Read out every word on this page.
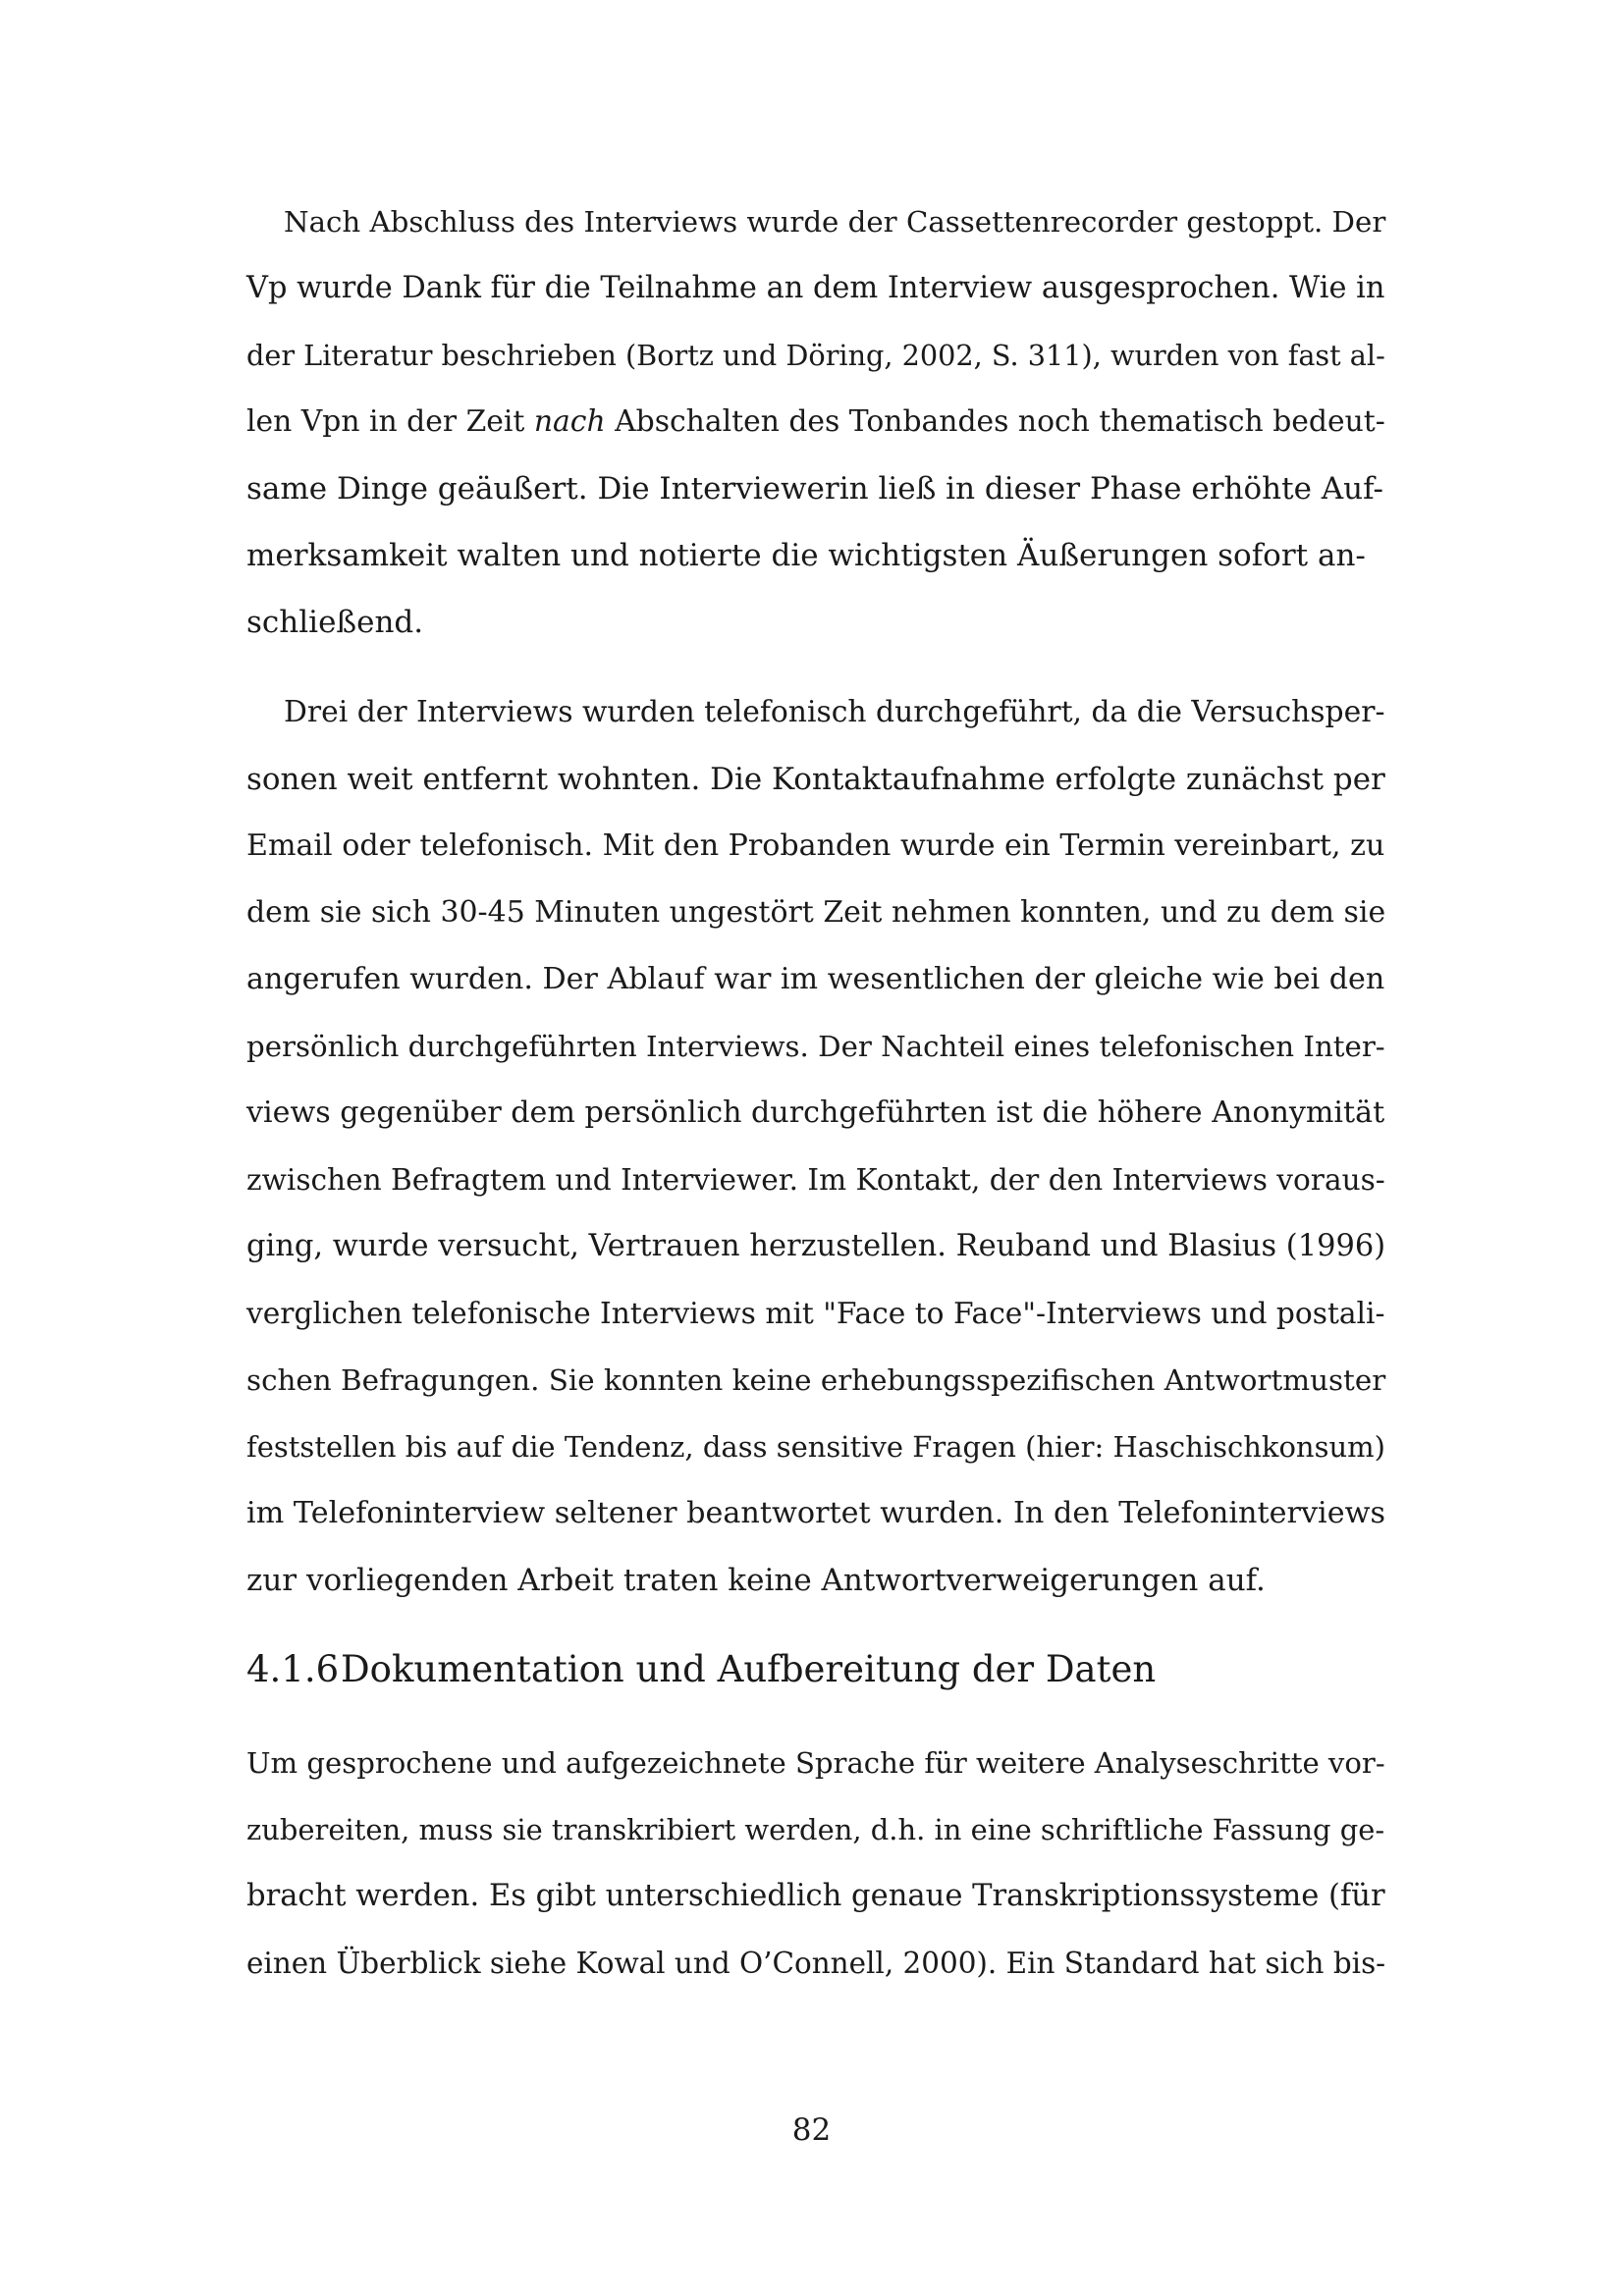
Nach Abschluss des Interviews wurde der Cassettenrecorder gestoppt. Der
Vp wurde Dank für die Teilnahme an dem Interview ausgesprochen. Wie in
der Literatur beschrieben (Bortz und Döring, 2002, S. 311), wurden von fast al-
len Vpn in der Zeit nach Abschalten des Tonbandes noch thematisch bedeut-
same Dinge geäußert. Die Interviewerin ließ in dieser Phase erhöhte Auf-
merksamkeit walten und notierte die wichtigsten Äußerungen sofort an-
schließend.
Drei der Interviews wurden telefonisch durchgeführt, da die Versuchsper-
sonen weit entfernt wohnten. Die Kontaktaufnahme erfolgte zunächst per
Email oder telefonisch. Mit den Probanden wurde ein Termin vereinbart, zu
dem sie sich 30-45 Minuten ungestört Zeit nehmen konnten, und zu dem sie
angerufen wurden. Der Ablauf war im wesentlichen der gleiche wie bei den
persönlich durchgeführten Interviews. Der Nachteil eines telefonischen Inter-
views gegenüber dem persönlich durchgeführten ist die höhere Anonymität
zwischen Befragtem und Interviewer. Im Kontakt, der den Interviews voraus-
ging, wurde versucht, Vertrauen herzustellen. Reuband und Blasius (1996)
verglichen telefonische Interviews mit "Face to Face"-Interviews und postali-
schen Befragungen. Sie konnten keine erhebungsspezifischen Antwortmuster
feststellen bis auf die Tendenz, dass sensitive Fragen (hier: Haschischkonsum)
im Telefoninterview seltener beantwortet wurden. In den Telefoninterviews
zur vorliegenden Arbeit traten keine Antwortverweigerungen auf.
4.1.6Dokumentation und Aufbereitung der Daten
Um gesprochene und aufgezeichnete Sprache für weitere Analyseschritte vor-
zubereiten, muss sie transkribiert werden, d.h. in eine schriftliche Fassung ge-
bracht werden. Es gibt unterschiedlich genaue Transkriptionssysteme (für
einen Überblick siehe Kowal und O’Connell, 2000). Ein Standard hat sich bis-
82
